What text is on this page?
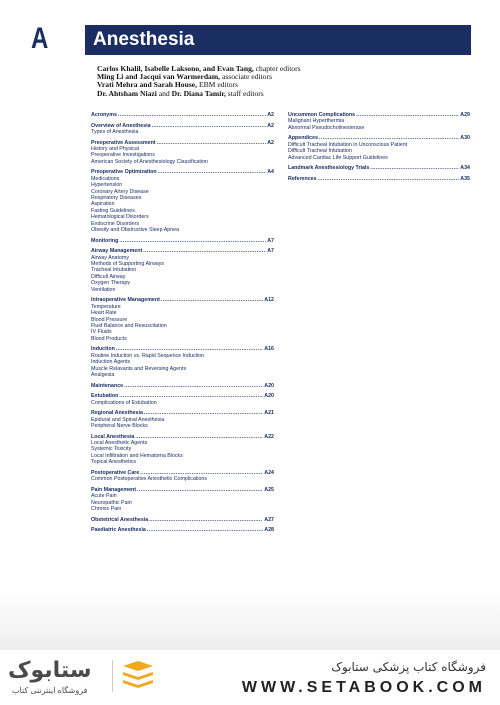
A	Anesthesia
Carlos Khalil, Isabelle Laksono, and Evan Tang, chapter editors
Ming Li and Jacqui van Warmerdam, associate editors
Vrati Mehra and Sarah House, EBM editors
Dr. Ahtsham Niazi and Dr. Diana Tamir, staff editors
Acronyms .....	A2
Overview of Anesthesia .....	A2
Types of Anesthesia
Preoperative Assessment .....	A2
History and Physical
Preoperative Investigations
American Society of Anesthesiology Classification
Preoperative Optimization .....	A4
Medications
Hypertension
Coronary Artery Disease
Respiratory Diseases
Aspiration
Fasting Guidelines
Hematological Disorders
Endocrine Disorders
Obesity and Obstructive Sleep Apnea
Monitoring .....	A7
Airway Management .....	A7
Airway Anatomy
Methods of Supporting Airways
Tracheal Intubation
Difficult Airway
Oxygen Therapy
Ventilation
Intraoperative Management .....	A12
Temperature
Heart Rate
Blood Pressure
Fluid Balance and Resuscitation
IV Fluids
Blood Products
Induction .....	A16
Routine Induction vs. Rapid Sequence Induction
Induction Agents
Muscle Relaxants and Reversing Agents
Analgesia
Maintenance .....	A20
Extubation .....	A20
Complications of Extubation
Regional Anesthesia .....	A21
Epidural and Spinal Anesthesia
Peripheral Nerve Blocks
Local Anesthesia .....	A22
Local Anesthetic Agents
Systemic Toxicity
Local Infiltration and Hematoma Blocks
Topical Anesthetics
Postoperative Care .....	A24
Common Postoperative Anesthetic Complications
Pain Management .....	A25
Acute Pain
Neuropathic Pain
Chronic Pain
Obstetrical Anesthesia .....	A27
Paediatric Anesthesia .....	A28
Uncommon Complications .....	A29
Malignant Hyperthermia
Abnormal Pseudocholinesterase
Appendices .....	A30
Difficult Tracheal Intubation in Unconscious Patient
Difficult Tracheal Intubation
Advanced Cardiac Life Support Guidelines
Landmark Anesthesiology Trials .....	A34
References .....	A35
ستابوک
فروشگاه اینترنتی کتاب
فروشگاه کتاب پزشکی ستابوک
WWW.SETABOOK.COM
